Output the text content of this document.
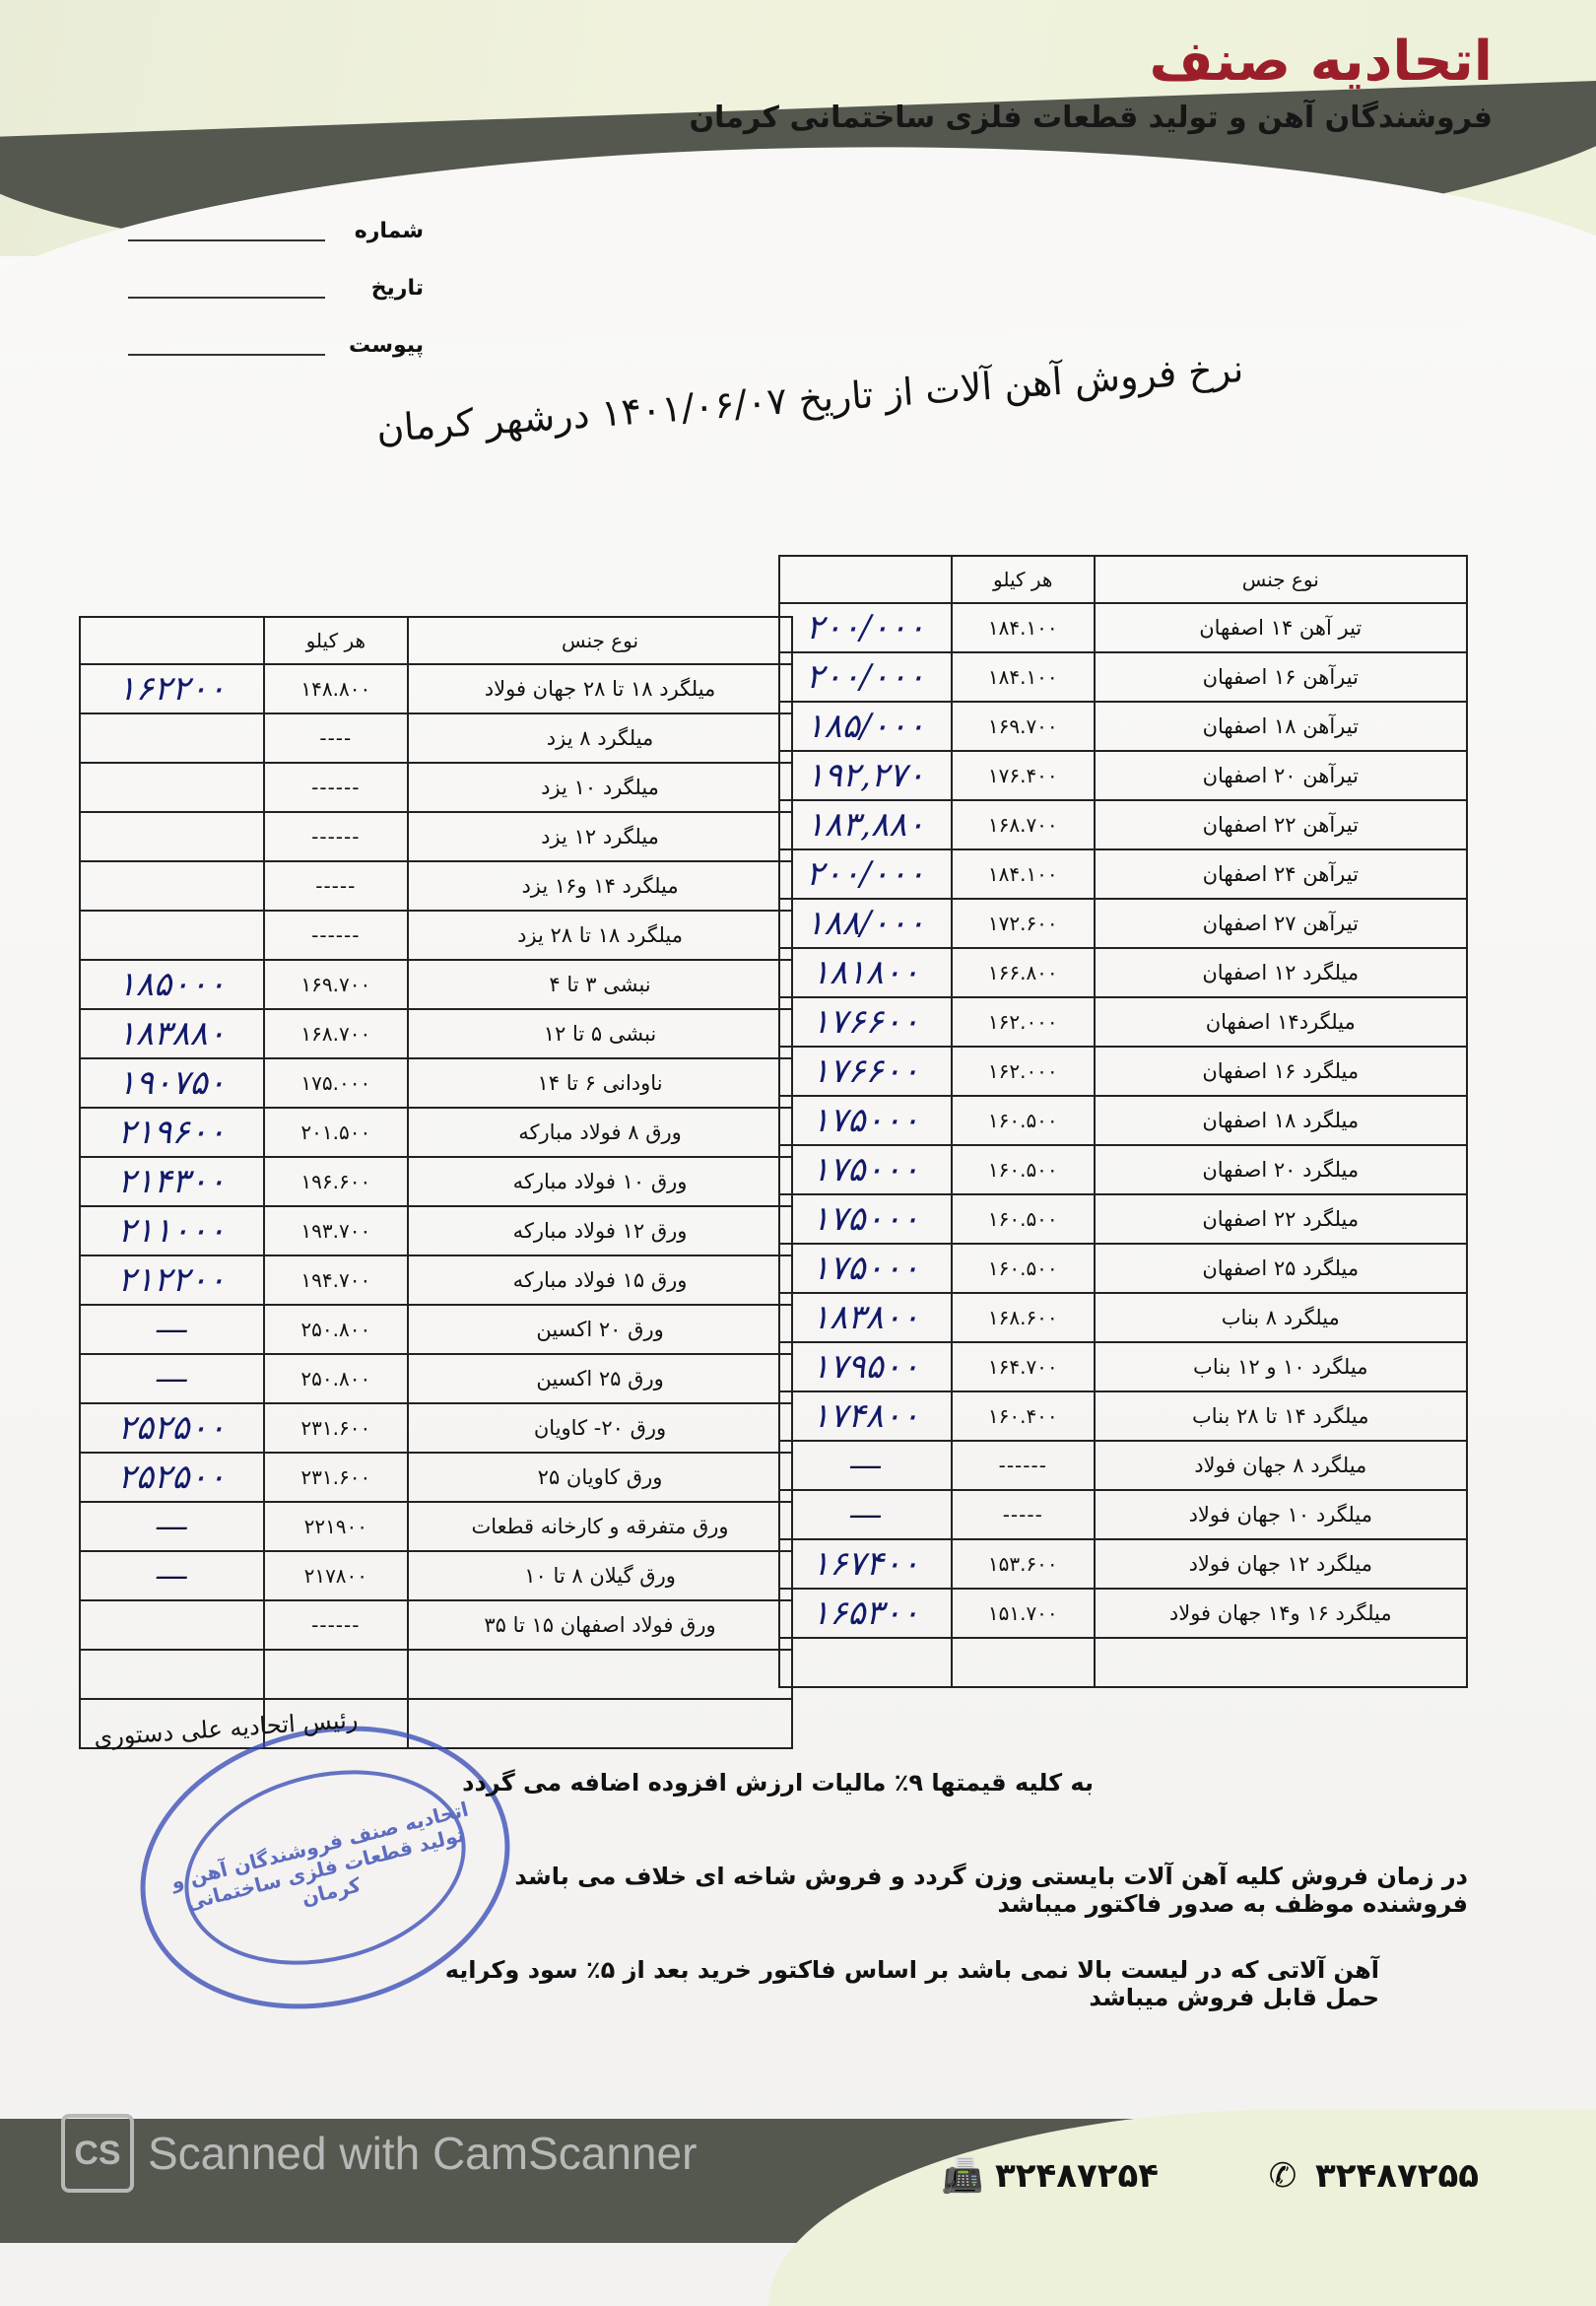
اتحادیه صنف
فروشندگان آهن و تولید قطعات فلزی ساختمانی کرمان
شماره
تاریخ
پیوست
نرخ فروش آهن آلات از تاریخ ۱۴۰۱/۰۶/۰۷ درشهر کرمان
نوع جنس	هر کیلو	
تیر آهن ۱۴ اصفهان	۱۸۴.۱۰۰	۲۰۰/۰۰۰
تیرآهن ۱۶ اصفهان	۱۸۴.۱۰۰	۲۰۰/۰۰۰
تیرآهن ۱۸ اصفهان	۱۶۹.۷۰۰	۱۸۵/۰۰۰
تیرآهن ۲۰ اصفهان	۱۷۶.۴۰۰	۱۹۲,۲۷۰
تیرآهن ۲۲ اصفهان	۱۶۸.۷۰۰	۱۸۳,۸۸۰
تیرآهن ۲۴ اصفهان	۱۸۴.۱۰۰	۲۰۰/۰۰۰
تیرآهن ۲۷ اصفهان	۱۷۲.۶۰۰	۱۸۸/۰۰۰
میلگرد ۱۲ اصفهان	۱۶۶.۸۰۰	۱۸۱۸۰۰
میلگرد۱۴ اصفهان	۱۶۲.۰۰۰	۱۷۶۶۰۰
میلگرد ۱۶ اصفهان	۱۶۲.۰۰۰	۱۷۶۶۰۰
میلگرد ۱۸ اصفهان	۱۶۰.۵۰۰	۱۷۵۰۰۰
میلگرد ۲۰ اصفهان	۱۶۰.۵۰۰	۱۷۵۰۰۰
میلگرد ۲۲ اصفهان	۱۶۰.۵۰۰	۱۷۵۰۰۰
میلگرد ۲۵ اصفهان	۱۶۰.۵۰۰	۱۷۵۰۰۰
میلگرد ۸ بناب	۱۶۸.۶۰۰	۱۸۳۸۰۰
میلگرد ۱۰ و ۱۲ بناب	۱۶۴.۷۰۰	۱۷۹۵۰۰
میلگرد ۱۴ تا ۲۸ بناب	۱۶۰.۴۰۰	۱۷۴۸۰۰
میلگرد ۸ جهان فولاد	------	—
میلگرد ۱۰ جهان فولاد	-----	—
میلگرد ۱۲ جهان فولاد	۱۵۳.۶۰۰	۱۶۷۴۰۰
میلگرد ۱۶ و۱۴ جهان فولاد	۱۵۱.۷۰۰	۱۶۵۳۰۰

نوع جنس	هر کیلو	
میلگرد ۱۸ تا ۲۸ جهان فولاد	۱۴۸.۸۰۰	۱۶۲۲۰۰
میلگرد ۸ یزد	----	
میلگرد ۱۰ یزد	------	
میلگرد ۱۲ یزد	------	
میلگرد ۱۴ و۱۶ یزد	-----	
میلگرد ۱۸ تا ۲۸ یزد	------	
نبشی ۳ تا ۴	۱۶۹.۷۰۰	۱۸۵۰۰۰
نبشی ۵ تا ۱۲	۱۶۸.۷۰۰	۱۸۳۸۸۰
ناودانی ۶ تا ۱۴	۱۷۵.۰۰۰	۱۹۰۷۵۰
ورق ۸ فولاد مبارکه	۲۰۱.۵۰۰	۲۱۹۶۰۰
ورق ۱۰ فولاد مبارکه	۱۹۶.۶۰۰	۲۱۴۳۰۰
ورق ۱۲ فولاد مبارکه	۱۹۳.۷۰۰	۲۱۱۰۰۰
ورق ۱۵ فولاد مبارکه	۱۹۴.۷۰۰	۲۱۲۲۰۰
ورق ۲۰ اکسین	۲۵۰.۸۰۰	—
ورق ۲۵ اکسین	۲۵۰.۸۰۰	—
ورق ۲۰- کاویان	۲۳۱.۶۰۰	۲۵۲۵۰۰
ورق کاویان ۲۵	۲۳۱.۶۰۰	۲۵۲۵۰۰
ورق متفرقه و کارخانه قطعات	۲۲۱۹۰۰	—
ورق گیلان ۸ تا ۱۰	۲۱۷۸۰۰	—
ورق فولاد اصفهان ۱۵ تا ۳۵	------	

اتحادیه صنف فروشندگان آهن و تولید قطعات فلزی ساختمانی کرمان
رئیس اتحادیه علی دستوری
به کلیه قیمتها ۹٪ مالیات ارزش افزوده اضافه می گردد
در زمان فروش کلیه آهن آلات بایستی وزن گردد و فروش شاخه ای خلاف می باشد فروشنده موظف به صدور فاکتور میباشد
آهن آلاتی که در لیست بالا نمی باشد بر اساس فاکتور خرید بعد از ۵٪ سود وکرایه حمل قابل فروش میباشد
CS Scanned with CamScanner	📠 ۳۲۴۸۷۲۵۴	✆ ۳۲۴۸۷۲۵۵
